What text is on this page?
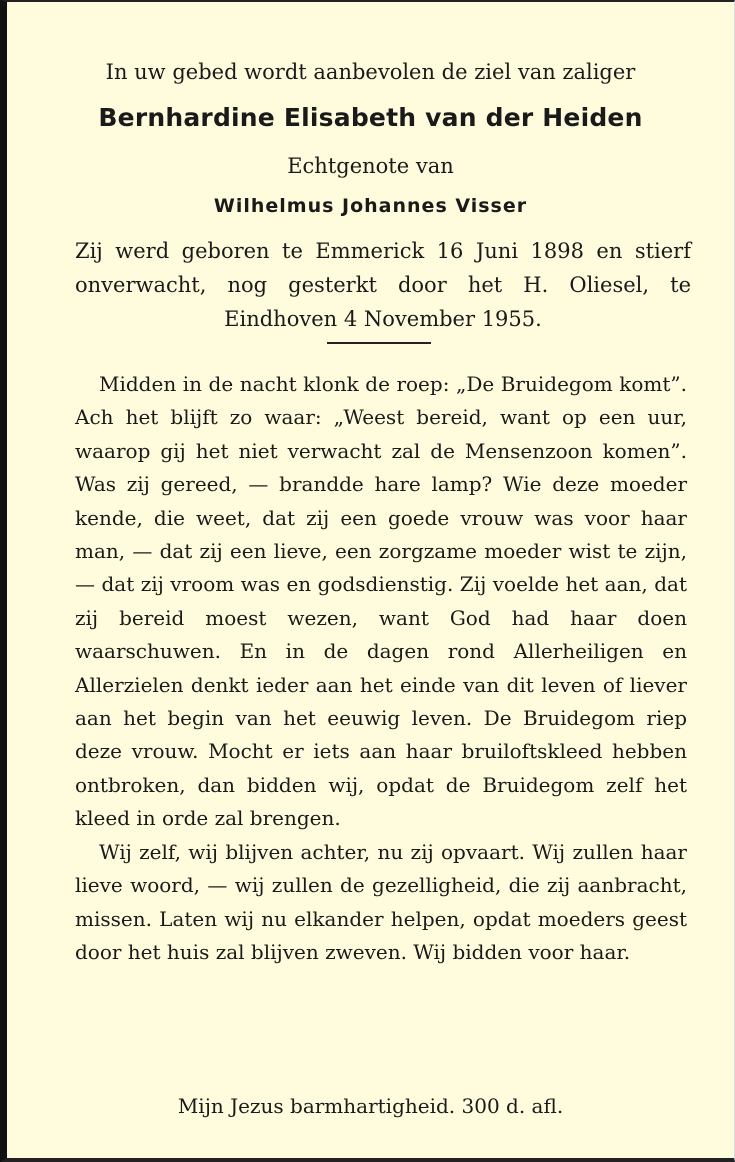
In uw gebed wordt aanbevolen de ziel van zaliger
Bernhardine Elisabeth van der Heiden
Echtgenote van
Wilhelmus Johannes Visser
Zij werd geboren te Emmerick 16 Juni 1898 en stierf onverwacht, nog gesterkt door het H. Oliesel, te Eindhoven 4 November 1955.

Midden in de nacht klonk de roep: „De Bruidegom komt”. Ach het blijft zo waar: „Weest bereid, want op een uur, waarop gij het niet verwacht zal de Mensenzoon komen”. Was zij gereed, — brandde hare lamp? Wie deze moeder kende, die weet, dat zij een goede vrouw was voor haar man, — dat zij een lieve, een zorgzame moeder wist te zijn, — dat zij vroom was en godsdienstig. Zij voelde het aan, dat zij bereid moest wezen, want God had haar doen waarschuwen. En in de dagen rond Allerheiligen en Allerzielen denkt ieder aan het einde van dit leven of liever aan het begin van het eeuwig leven. De Bruidegom riep deze vrouw. Mocht er iets aan haar bruiloftskleed hebben ontbroken, dan bidden wij, opdat de Bruidegom zelf het kleed in orde zal brengen.

Wij zelf, wij blijven achter, nu zij opvaart. Wij zullen haar lieve woord, — wij zullen de gezelligheid, die zij aanbracht, missen. Laten wij nu elkander helpen, opdat moeders geest door het huis zal blijven zweven. Wij bidden voor haar.

Mijn Jezus barmhartigheid. 300 d. afl.
